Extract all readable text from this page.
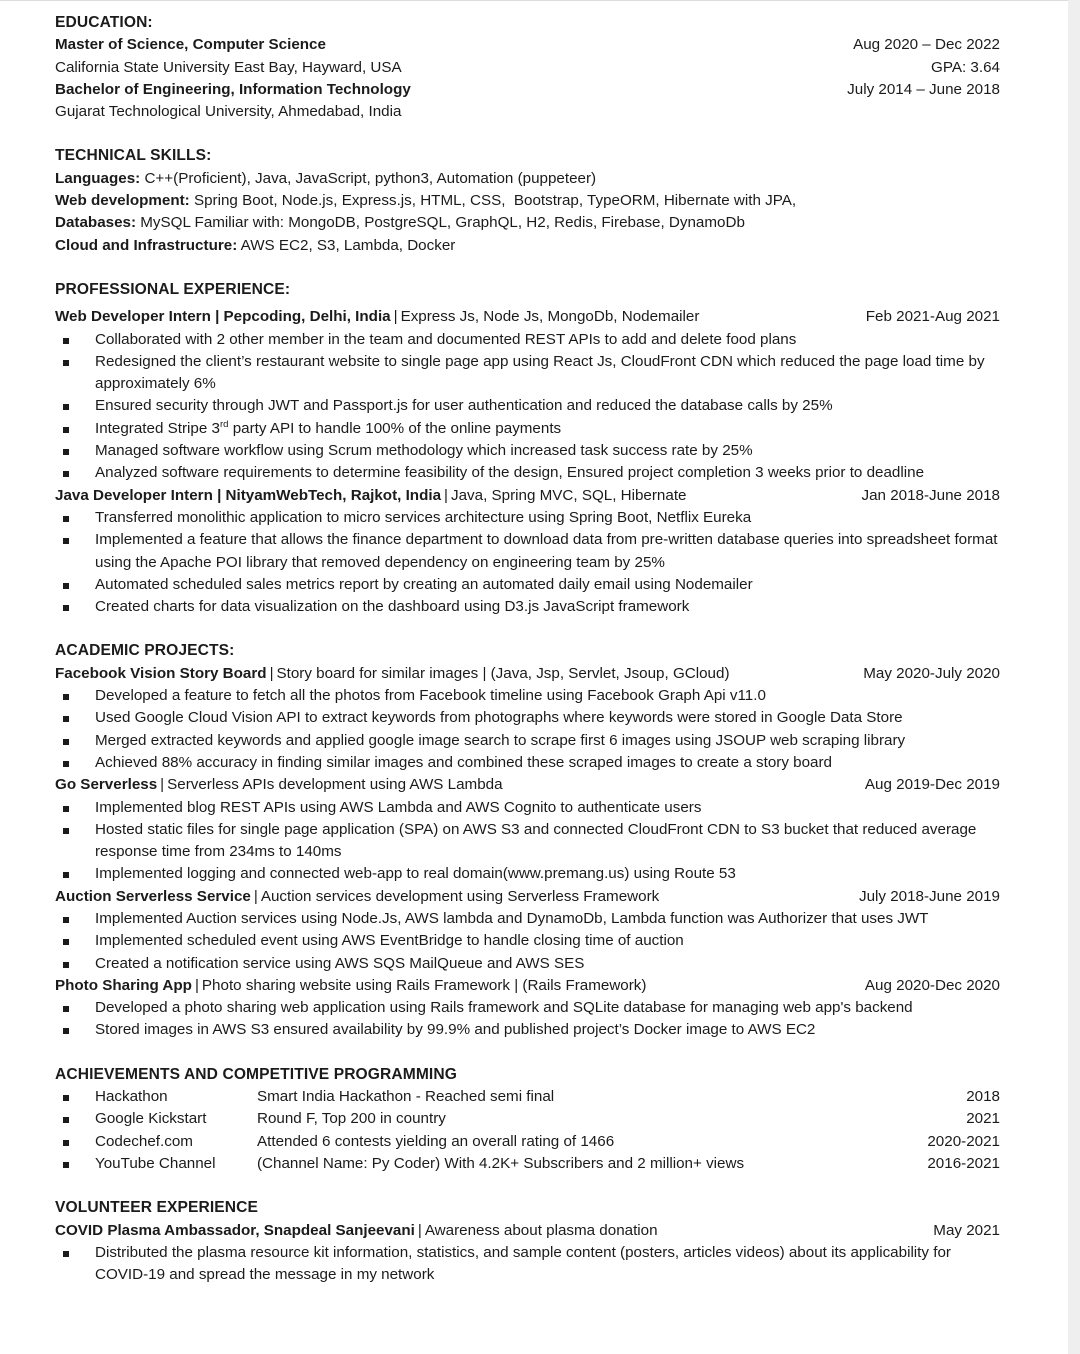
EDUCATION:
Master of Science, Computer Science	Aug 2020 – Dec 2022
California State University East Bay, Hayward, USA	GPA: 3.64
Bachelor of Engineering, Information Technology	July 2014 – June 2018
Gujarat Technological University, Ahmedabad, India
TECHNICAL SKILLS:
Languages: C++(Proficient), Java, JavaScript, python3, Automation (puppeteer)
Web development: Spring Boot, Node.js, Express.js, HTML, CSS,  Bootstrap, TypeORM, Hibernate with JPA,
Databases: MySQL Familiar with: MongoDB, PostgreSQL, GraphQL, H2, Redis, Firebase, DynamoDb
Cloud and Infrastructure: AWS EC2, S3, Lambda, Docker
PROFESSIONAL EXPERIENCE:
Web Developer Intern | Pepcoding, Delhi, India | Express Js, Node Js, MongoDb, Nodemailer	Feb 2021-Aug 2021
Collaborated with 2 other member in the team and documented REST APIs to add and delete food plans
Redesigned the client’s restaurant website to single page app using React Js, CloudFront CDN which reduced the page load time by approximately 6%
Ensured security through JWT and Passport.js for user authentication and reduced the database calls by 25%
Integrated Stripe 3rd party API to handle 100% of the online payments
Managed software workflow using Scrum methodology which increased task success rate by 25%
Analyzed software requirements to determine feasibility of the design, Ensured project completion 3 weeks prior to deadline
Java Developer Intern | NityamWebTech, Rajkot, India | Java, Spring MVC, SQL, Hibernate	Jan 2018-June 2018
Transferred monolithic application to micro services architecture using Spring Boot, Netflix Eureka
Implemented a feature that allows the finance department to download data from pre-written database queries into spreadsheet format using the Apache POI library that removed dependency on engineering team by 25%
Automated scheduled sales metrics report by creating an automated daily email using Nodemailer
Created charts for data visualization on the dashboard using D3.js JavaScript framework
ACADEMIC PROJECTS:
Facebook Vision Story Board | Story board for similar images | (Java, Jsp, Servlet, Jsoup, GCloud)	May 2020-July 2020
Developed a feature to fetch all the photos from Facebook timeline using Facebook Graph Api v11.0
Used Google Cloud Vision API to extract keywords from photographs where keywords were stored in Google Data Store
Merged extracted keywords and applied google image search to scrape first 6 images using JSOUP web scraping library
Achieved 88% accuracy in finding similar images and combined these scraped images to create a story board
Go Serverless | Serverless APIs development using AWS Lambda	Aug 2019-Dec 2019
Implemented blog REST APIs using AWS Lambda and AWS Cognito to authenticate users
Hosted static files for single page application (SPA) on AWS S3 and connected CloudFront CDN to S3 bucket that reduced average response time from 234ms to 140ms
Implemented logging and connected web-app to real domain(www.premang.us) using Route 53
Auction Serverless Service | Auction services development using Serverless Framework	July 2018-June 2019
Implemented Auction services using Node.Js, AWS lambda and DynamoDb, Lambda function was Authorizer that uses JWT
Implemented scheduled event using AWS EventBridge to handle closing time of auction
Created a notification service using AWS SQS MailQueue and AWS SES
Photo Sharing App | Photo sharing website using Rails Framework | (Rails Framework)	Aug 2020-Dec 2020
Developed a photo sharing web application using Rails framework and SQLite database for managing web app's backend
Stored images in AWS S3 ensured availability by 99.9% and published project’s Docker image to AWS EC2
ACHIEVEMENTS AND COMPETITIVE PROGRAMMING
	Hackathon	Smart India Hackathon - Reached semi final	2018

	Google Kickstart	Round F, Top 200 in country	2021

	Codechef.com	Attended 6 contests yielding an overall rating of 1466	2020-2021

	YouTube Channel	(Channel Name: Py Coder) With 4.2K+ Subscribers and 2 million+ views	2016-2021
VOLUNTEER EXPERIENCE
COVID Plasma Ambassador, Snapdeal Sanjeevani | Awareness about plasma donation	May 2021
Distributed the plasma resource kit information, statistics, and sample content (posters, articles videos) about its applicability for COVID-19 and spread the message in my network
